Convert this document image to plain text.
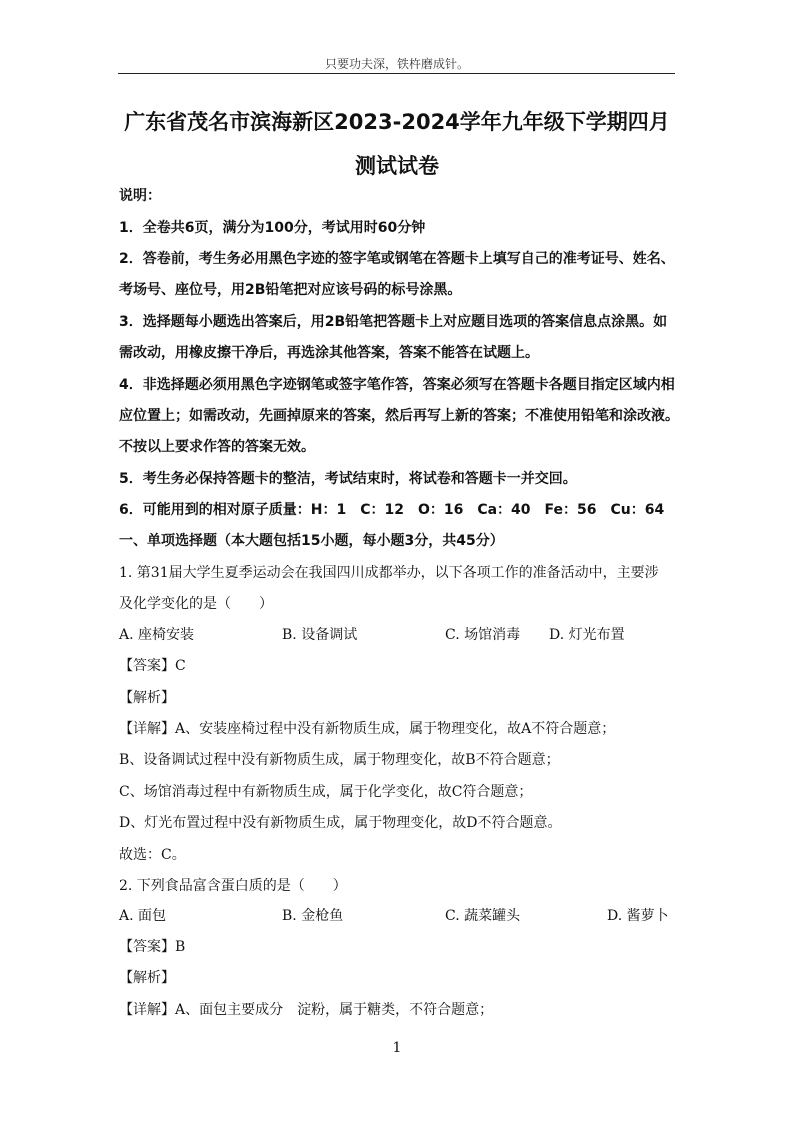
只要功夫深，铁杵磨成针。
广东省茂名市滨海新区2023-2024学年九年级下学期四月
测试试卷
说明：
1．全卷共6页，满分为100分，考试用时60分钟
2．答卷前，考生务必用黑色字迹的签字笔或钢笔在答题卡上填写自己的准考证号、姓名、
考场号、座位号，用2B铅笔把对应该号码的标号涂黑。
3．选择题每小题选出答案后，用2B铅笔把答题卡上对应题目选项的答案信息点涂黑。如
需改动，用橡皮擦干净后，再选涂其他答案，答案不能答在试题上。
4．非选择题必须用黑色字迹钢笔或签字笔作答，答案必须写在答题卡各题目指定区域内相
应位置上；如需改动，先画掉原来的答案，然后再写上新的答案；不准使用铅笔和涂改液。
不按以上要求作答的答案无效。
5．考生务必保持答题卡的整洁，考试结束时，将试卷和答题卡一并交回。
6．可能用到的相对原子质量：H：1　C：12　O：16　Ca：40　Fe：56　Cu：64
一、单项选择题（本大题包括15小题，每小题3分，共45分）
1. 第31届大学生夏季运动会在我国四川成都举办，以下各项工作的准备活动中，主要涉
及化学变化的是（　　）
A. 座椅安装	B. 设备调试	C. 场馆消毒 D. 灯光布置
【答案】C
【解析】
【详解】A、安装座椅过程中没有新物质生成，属于物理变化，故A不符合题意；
B、设备调试过程中没有新物质生成，属于物理变化，故B不符合题意；
C、场馆消毒过程中有新物质生成，属于化学变化，故C符合题意；
D、灯光布置过程中没有新物质生成，属于物理变化，故D不符合题意。
故选：C。
2. 下列食品富含蛋白质的是（　　）
A. 面包	B. 金枪鱼	C. 蔬菜罐头	D. 酱萝卜
【答案】B
【解析】
【详解】A、面包主要成分　淀粉，属于糖类，不符合题意；
1
